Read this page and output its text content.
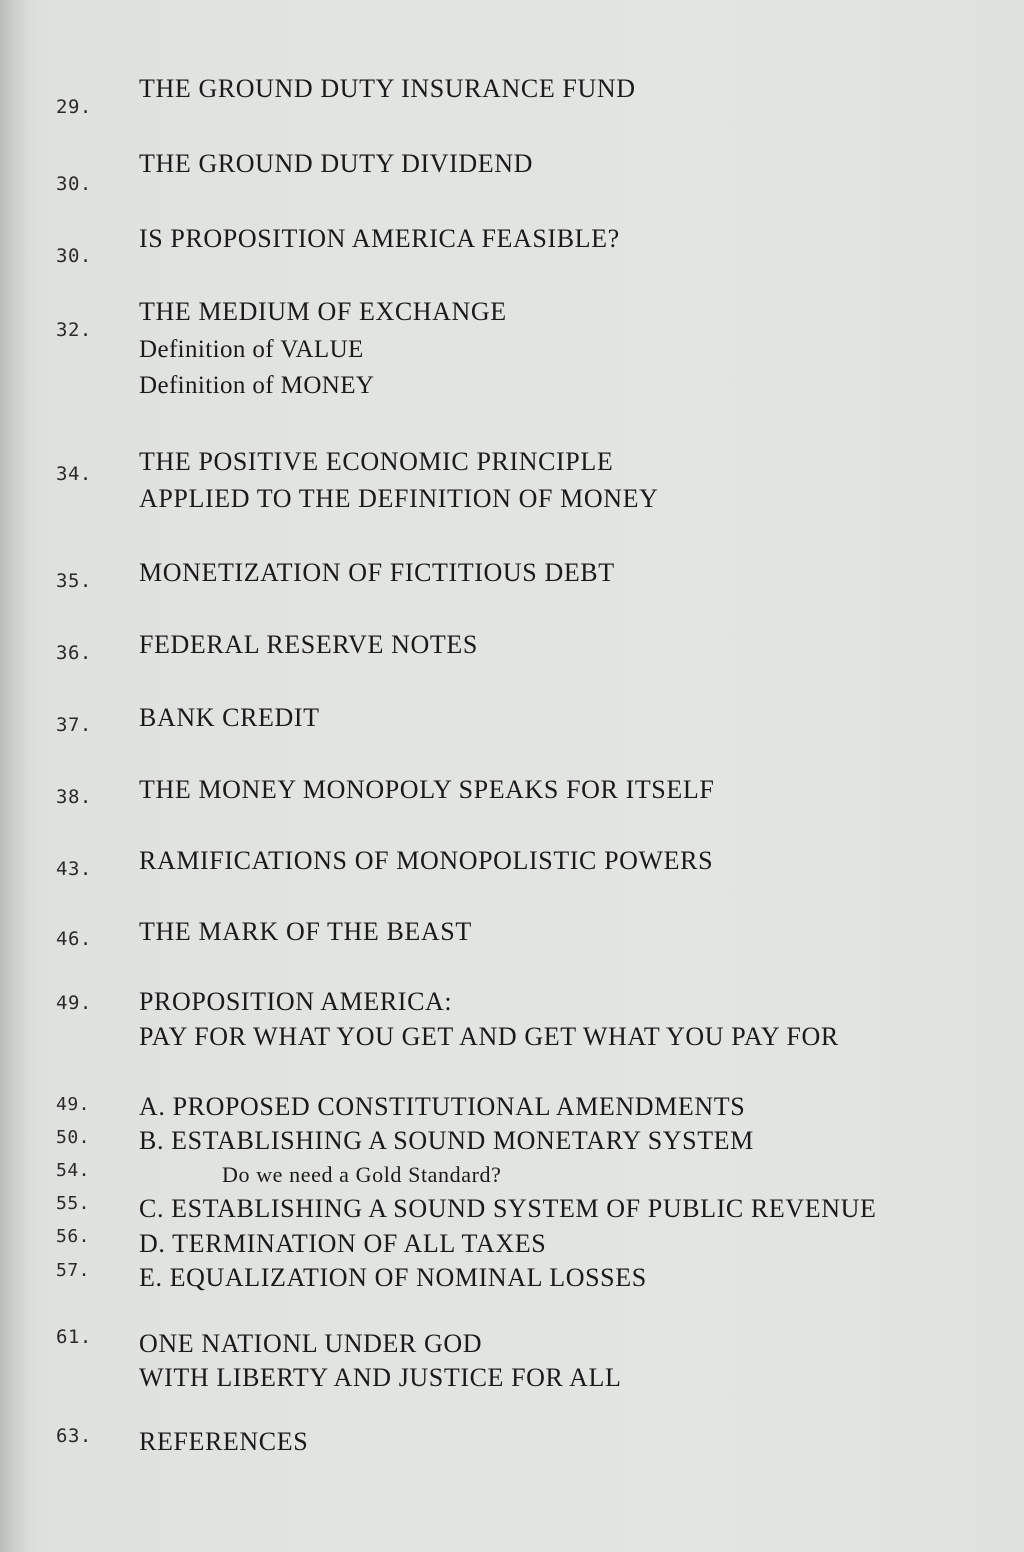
29.
THE GROUND DUTY INSURANCE FUND
30.
THE GROUND DUTY DIVIDEND
30.
IS PROPOSITION AMERICA FEASIBLE?
32.
THE MEDIUM OF EXCHANGE
Definition of VALUE
Definition of MONEY
34. THE POSITIVE ECONOMIC PRINCIPLE
APPLIED TO THE DEFINITION OF MONEY
35. MONETIZATION OF FICTITIOUS DEBT
36. FEDERAL RESERVE NOTES
37. BANK CREDIT
38. THE MONEY MONOPOLY SPEAKS FOR ITSELF
43. RAMIFICATIONS OF MONOPOLISTIC POWERS
46. THE MARK OF THE BEAST
49. PROPOSITION AMERICA:
PAY FOR WHAT YOU GET AND GET WHAT YOU PAY FOR
49. A. PROPOSED CONSTITUTIONAL AMENDMENTS
50. B. ESTABLISHING A SOUND MONETARY SYSTEM
54.	Do we need a Gold Standard?
55. C. ESTABLISHING A SOUND SYSTEM OF PUBLIC REVENUE
56. D. TERMINATION OF ALL TAXES
57. E. EQUALIZATION OF NOMINAL LOSSES
61. ONE NATIONL UNDER GOD
WITH LIBERTY AND JUSTICE FOR ALL
63. REFERENCES
